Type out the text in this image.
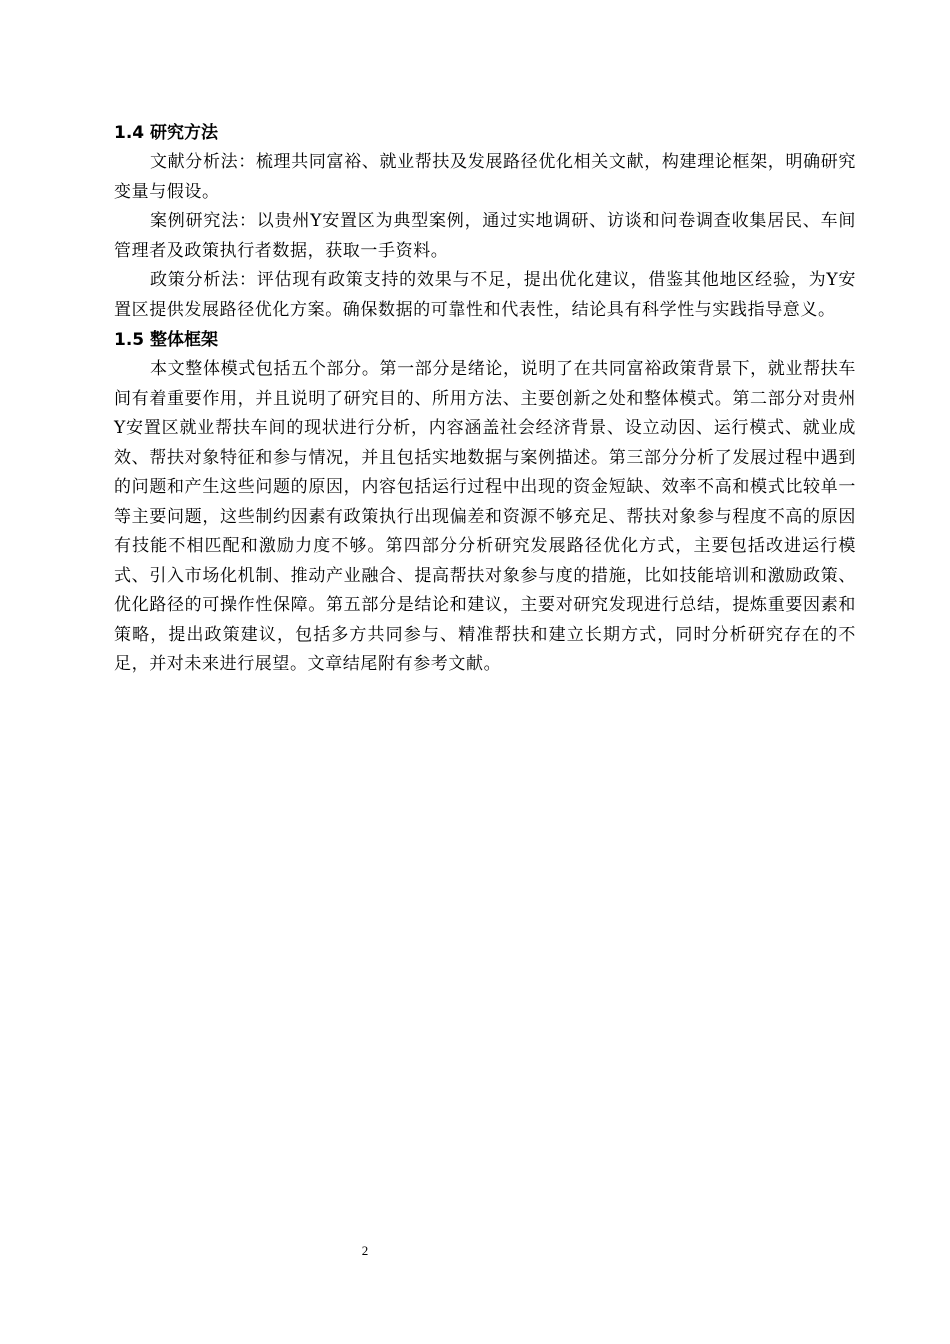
1.4 研究方法

文献分析法：梳理共同富裕、就业帮扶及发展路径优化相关文献，构建理论框架，明确研究变量与假设。

案例研究法：以贵州Y安置区为典型案例，通过实地调研、访谈和问卷调查收集居民、车间管理者及政策执行者数据，获取一手资料。

政策分析法：评估现有政策支持的效果与不足，提出优化建议，借鉴其他地区经验，为Y安置区提供发展路径优化方案。确保数据的可靠性和代表性，结论具有科学性与实践指导意义。

1.5 整体框架

本文整体模式包括五个部分。第一部分是绪论，说明了在共同富裕政策背景下，就业帮扶车间有着重要作用，并且说明了研究目的、所用方法、主要创新之处和整体模式。第二部分对贵州Y安置区就业帮扶车间的现状进行分析，内容涵盖社会经济背景、设立动因、运行模式、就业成效、帮扶对象特征和参与情况，并且包括实地数据与案例描述。第三部分分析了发展过程中遇到的问题和产生这些问题的原因，内容包括运行过程中出现的资金短缺、效率不高和模式比较单一等主要问题，这些制约因素有政策执行出现偏差和资源不够充足、帮扶对象参与程度不高的原因有技能不相匹配和激励力度不够。第四部分分析研究发展路径优化方式，主要包括改进运行模式、引入市场化机制、推动产业融合、提高帮扶对象参与度的措施，比如技能培训和激励政策、优化路径的可操作性保障。第五部分是结论和建议，主要对研究发现进行总结，提炼重要因素和策略，提出政策建议，包括多方共同参与、精准帮扶和建立长期方式，同时分析研究存在的不足，并对未来进行展望。文章结尾附有参考文献。

2
